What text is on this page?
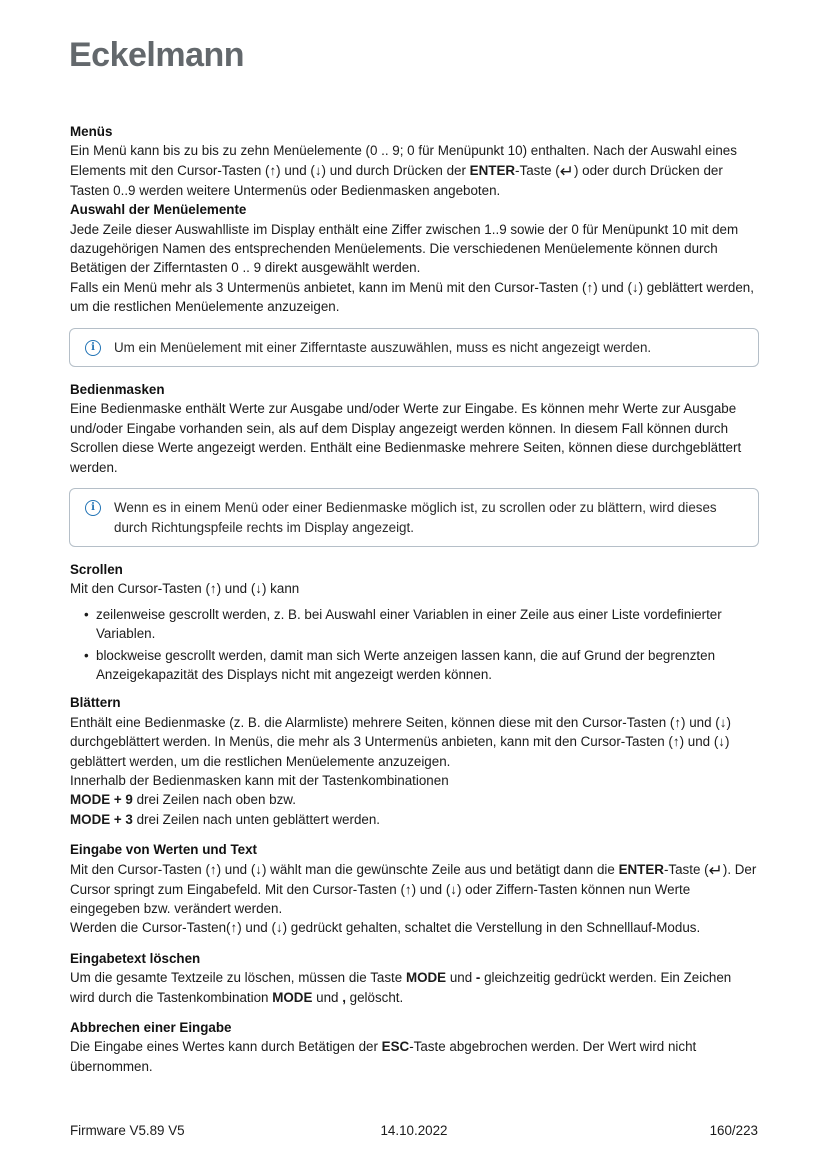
Eckelmann
Menüs

Ein Menü kann bis zu bis zu zehn Menüelemente (0 .. 9; 0 für Menüpunkt 10) enthalten. Nach der Auswahl eines Elements mit den Cursor-Tasten (↑) und (↓) und durch Drücken der ENTER-Taste (↵) oder durch Drücken der Tasten 0..9 werden weitere Untermenüs oder Bedienmasken angeboten.

Auswahl der Menüelemente

Jede Zeile dieser Auswahlliste im Display enthält eine Ziffer zwischen 1..9 sowie der 0 für Menüpunkt 10 mit dem dazugehörigen Namen des entsprechenden Menüelements. Die verschiedenen Menüelemente können durch Betätigen der Zifferntasten 0 .. 9 direkt ausgewählt werden.

Falls ein Menü mehr als 3 Untermenüs anbietet, kann im Menü mit den Cursor-Tasten (↑) und (↓) geblättert werden, um die restlichen Menüelemente anzuzeigen.

i	Um ein Menüelement mit einer Zifferntaste auszuwählen, muss es nicht angezeigt werden.
Bedienmasken

Eine Bedienmaske enthält Werte zur Ausgabe und/oder Werte zur Eingabe. Es können mehr Werte zur Ausgabe und/oder Eingabe vorhanden sein, als auf dem Display angezeigt werden können. In diesem Fall können durch Scrollen diese Werte angezeigt werden. Enthält eine Bedienmaske mehrere Seiten, können diese durchgeblättert werden.

i	Wenn es in einem Menü oder einer Bedienmaske möglich ist, zu scrollen oder zu blättern, wird dieses durch Richtungspfeile rechts im Display angezeigt.
Scrollen

Mit den Cursor-Tasten (↑) und (↓) kann

• zeilenweise gescrollt werden, z. B. bei Auswahl einer Variablen in einer Zeile aus einer Liste vordefinierter Variablen.
• blockweise gescrollt werden, damit man sich Werte anzeigen lassen kann, die auf Grund der begrenzten Anzeigekapazität des Displays nicht mit angezeigt werden können.
Blättern

Enthält eine Bedienmaske (z. B. die Alarmliste) mehrere Seiten, können diese mit den Cursor-Tasten (↑) und (↓) durchgeblättert werden. In Menüs, die mehr als 3 Untermenüs anbieten, kann mit den Cursor-Tasten (↑) und (↓) geblättert werden, um die restlichen Menüelemente anzuzeigen.

Innerhalb der Bedienmasken kann mit der Tastenkombinationen

MODE + 9 drei Zeilen nach oben bzw.

MODE + 3 drei Zeilen nach unten geblättert werden.

Eingabe von Werten und Text

Mit den Cursor-Tasten (↑) und (↓) wählt man die gewünschte Zeile aus und betätigt dann die ENTER-Taste (↵). Der Cursor springt zum Eingabefeld. Mit den Cursor-Tasten (↑) und (↓) oder Ziffern-Tasten können nun Werte eingegeben bzw. verändert werden.

Werden die Cursor-Tasten(↑) und (↓) gedrückt gehalten, schaltet die Verstellung in den Schnelllauf-Modus.

Eingabetext löschen

Um die gesamte Textzeile zu löschen, müssen die Taste MODE und - gleichzeitig gedrückt werden. Ein Zeichen wird durch die Tastenkombination MODE und , gelöscht.

Abbrechen einer Eingabe

Die Eingabe eines Wertes kann durch Betätigen der ESC-Taste abgebrochen werden. Der Wert wird nicht übernommen.

Firmware V5.89 V5	14.10.2022	160/223
